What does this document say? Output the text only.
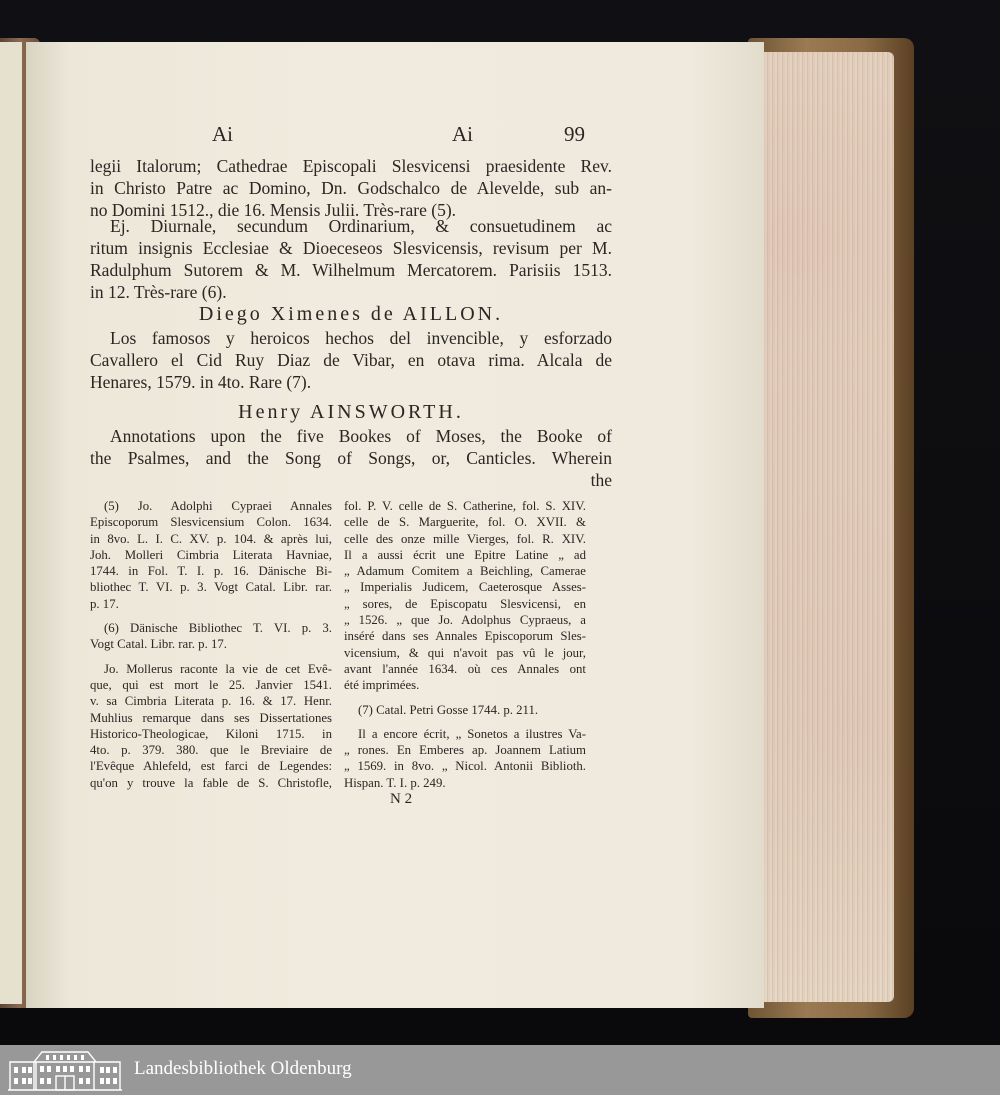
Ai	Ai	99
legii Italorum; Cathedrae Episcopali Slesvicensi praesidente Rev.
in Christo Patre ac Domino, Dn. Godschalco de Alevelde, sub an-
no Domini 1512., die 16. Mensis Julii. Très-rare (5).
Ej. Diurnale, secundum Ordinarium, & consuetudinem ac
ritum insignis Ecclesiae & Dioeceseos Slesvicensis, revisum per M.
Radulphum Sutorem & M. Wilhelmum Mercatorem. Parisiis 1513.
in 12. Très-rare (6).
Diego Ximenes de AILLON.
Los famosos y heroicos hechos del invencible, y esforzado
Cavallero el Cid Ruy Diaz de Vibar, en otava rima. Alcala de
Henares, 1579. in 4to. Rare (7).
Henry AINSWORTH.
Annotations upon the five Bookes of Moses, the Booke of
the Psalmes, and the Song of Songs, or, Canticles. Wherein
the
(5) Jo. Adolphi Cypraei Annales
Episcoporum Slesvicensium Colon. 1634.
in 8vo. L. I. C. XV. p. 104. & après lui,
Joh. Molleri Cimbria Literata Havniae,
1744. in Fol. T. I. p. 16. Dänische Bi-
bliothec T. VI. p. 3. Vogt Catal. Libr. rar.
p. 17.
(6) Dänische Bibliothec T. VI. p. 3.
Vogt Catal. Libr. rar. p. 17.
Jo. Mollerus raconte la vie de cet Evê-
que, qui est mort le 25. Janvier 1541.
v. sa Cimbria Literata p. 16. & 17. Henr.
Muhlius remarque dans ses Dissertationes
Historico-Theologicae, Kiloni 1715. in
4to. p. 379. 380. que le Breviaire de
l'Evêque Ahlefeld, est farci de Legendes:
qu'on y trouve la fable de S. Christofle,
fol. P. V. celle de S. Catherine, fol. S. XIV.
celle de S. Marguerite, fol. O. XVII. &
celle des onze mille Vierges, fol. R. XIV.
Il a aussi écrit une Epitre Latine „ ad
„ Adamum Comitem a Beichling, Camerae
„ Imperialis Judicem, Caeterosque Asses-
„ sores, de Episcopatu Slesvicensi, en
„ 1526. „ que Jo. Adolphus Cypraeus, a
inséré dans ses Annales Episcoporum Sles-
vicensium, & qui n'avoit pas vû le jour,
avant l'année 1634. où ces Annales ont
été imprimées.
(7) Catal. Petri Gosse 1744. p. 211.
Il a encore écrit, „ Sonetos a ilustres Va-
„ rones. En Emberes ap. Joannem Latium
„ 1569. in 8vo. „ Nicol. Antonii Biblioth.
Hispan. T. I. p. 249.
N 2
Landesbibliothek Oldenburg
